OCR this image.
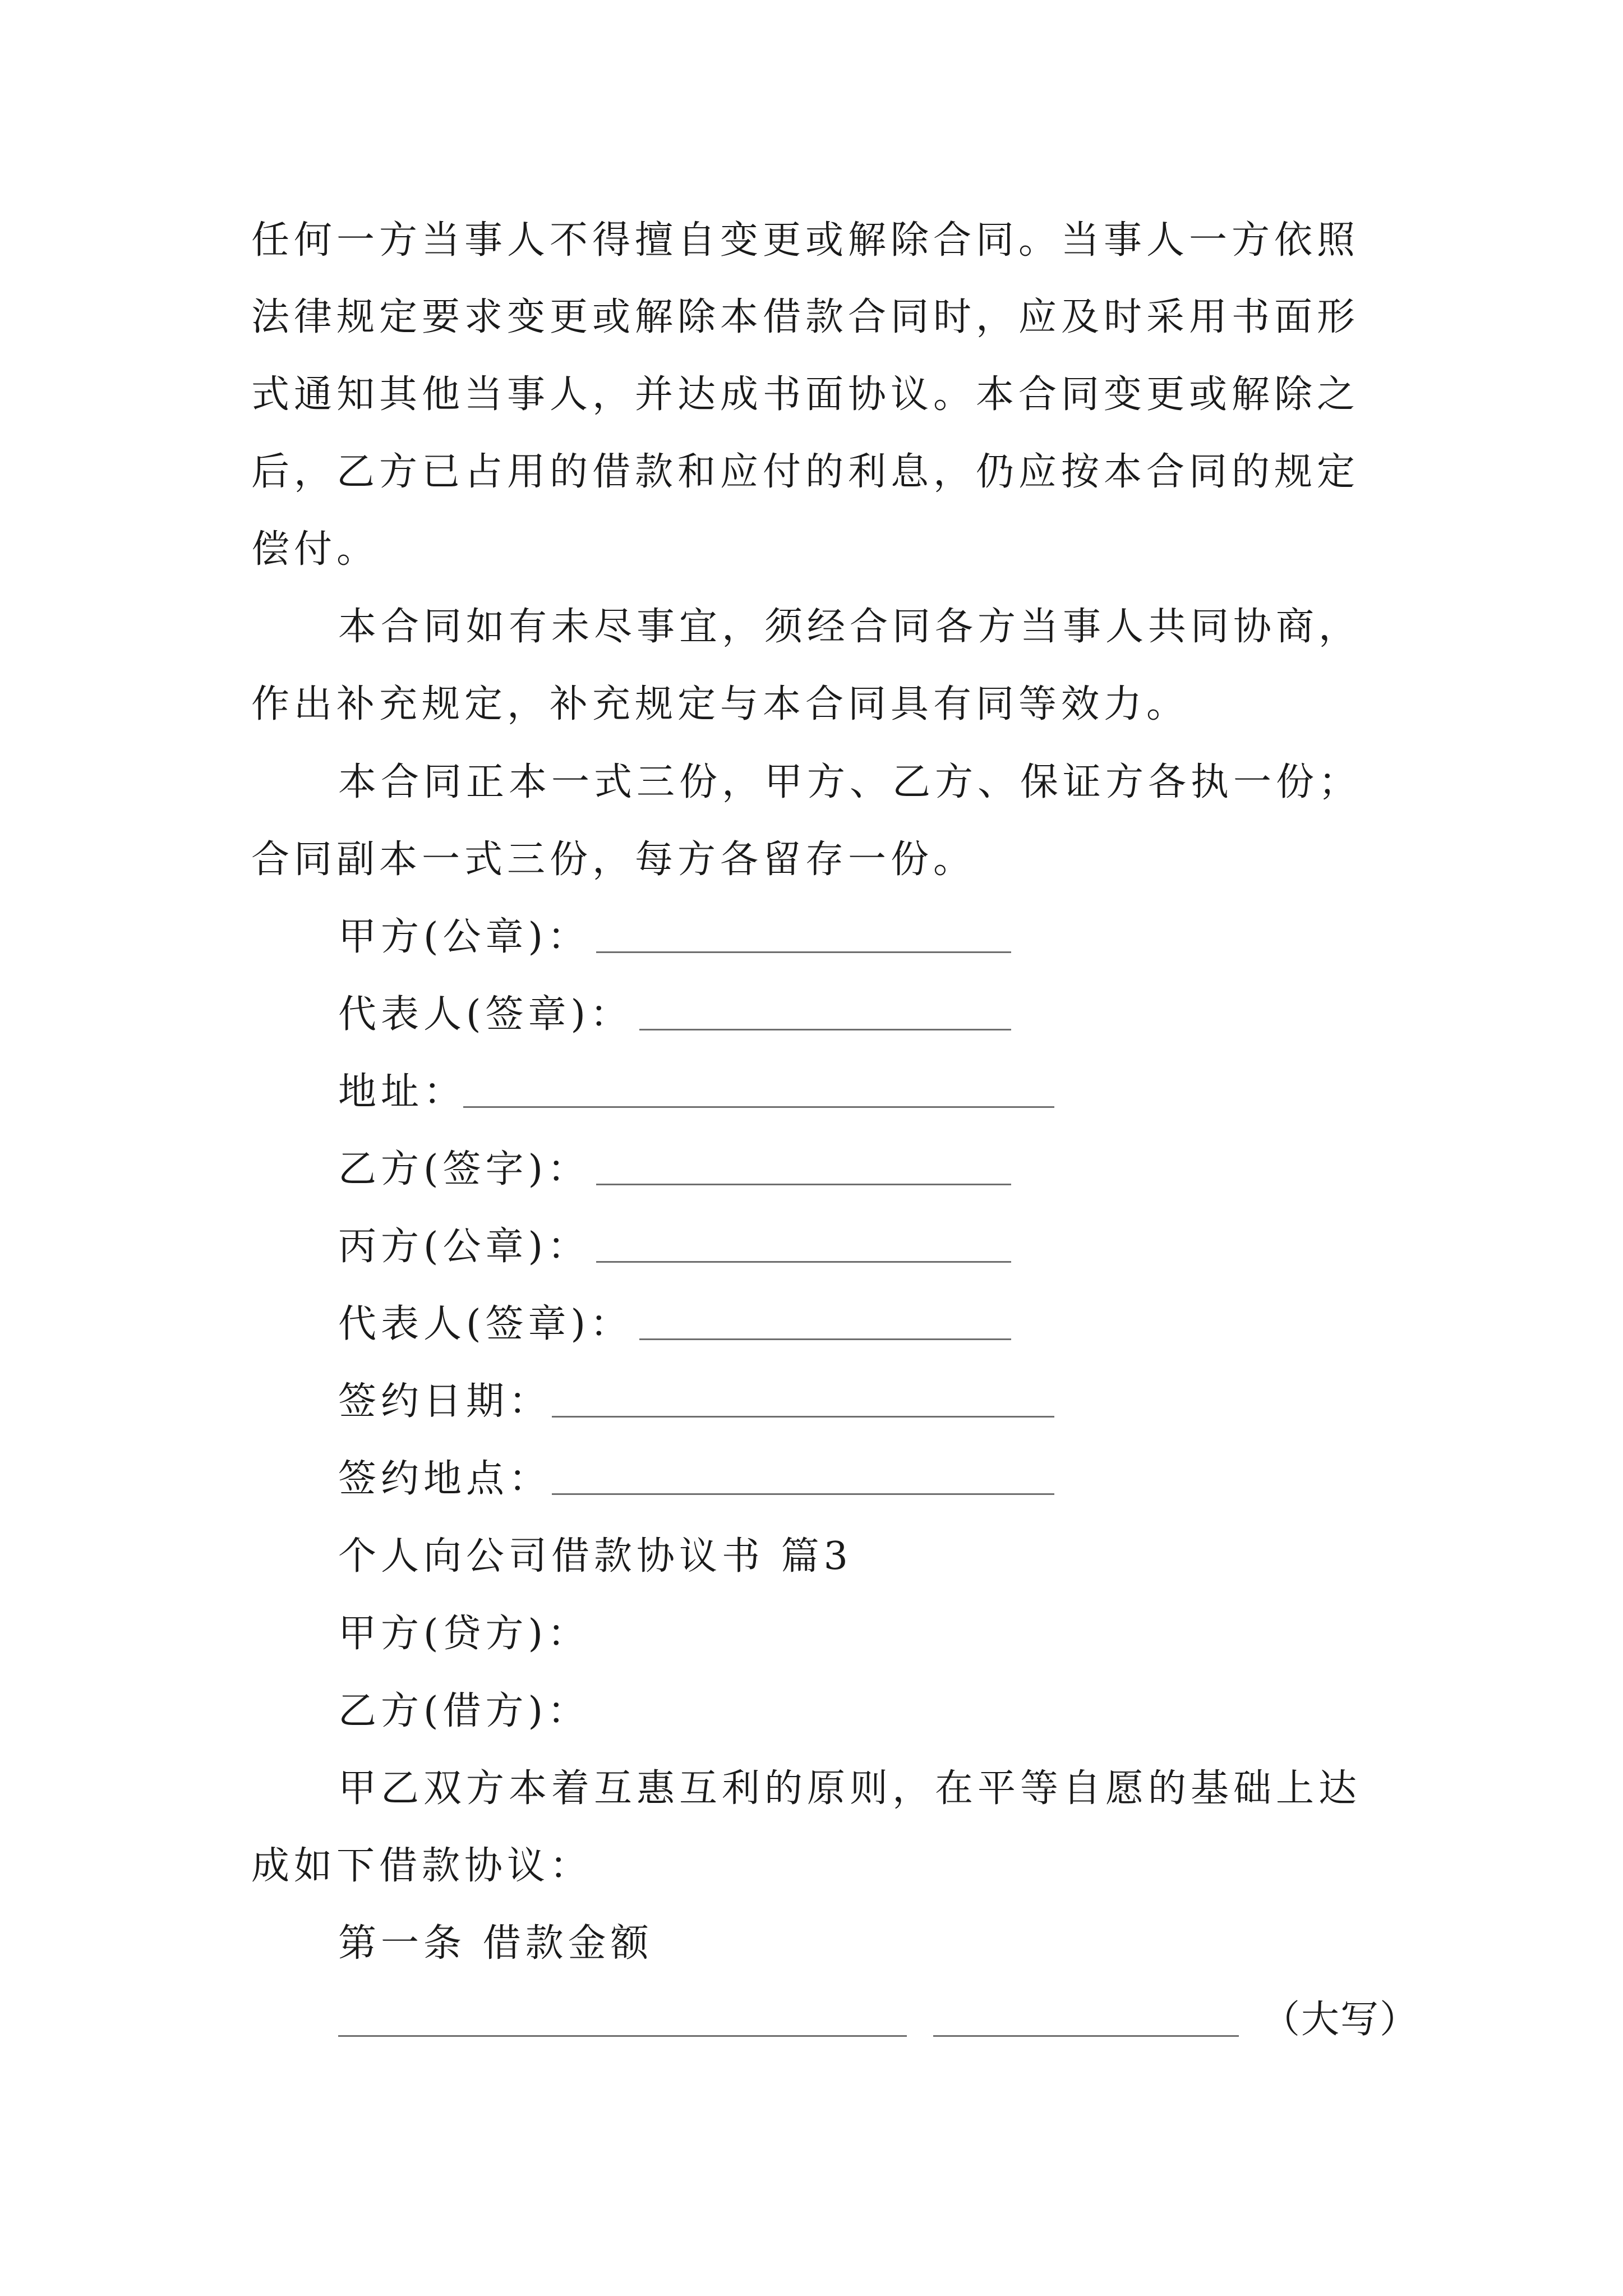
任何一方当事人不得擅自变更或解除合同。当事人一方依照
法律规定要求变更或解除本借款合同时，应及时采用书面形
式通知其他当事人，并达成书面协议。本合同变更或解除之
后，乙方已占用的借款和应付的利息，仍应按本合同的规定
偿付。
本合同如有未尽事宜，须经合同各方当事人共同协商，
作出补充规定，补充规定与本合同具有同等效力。
本合同正本一式三份，甲方、乙方、保证方各执一份；
合同副本一式三份，每方各留存一份。
甲方(公章)：
代表人(签章)：
地址：
乙方(签字)：
丙方(公章)：
代表人(签章)：
签约日期：
签约地点：
个人向公司借款协议书 篇3
甲方(贷方)：
乙方(借方)：
甲乙双方本着互惠互利的原则，在平等自愿的基础上达
成如下借款协议：
第一条 借款金额
（大写）
